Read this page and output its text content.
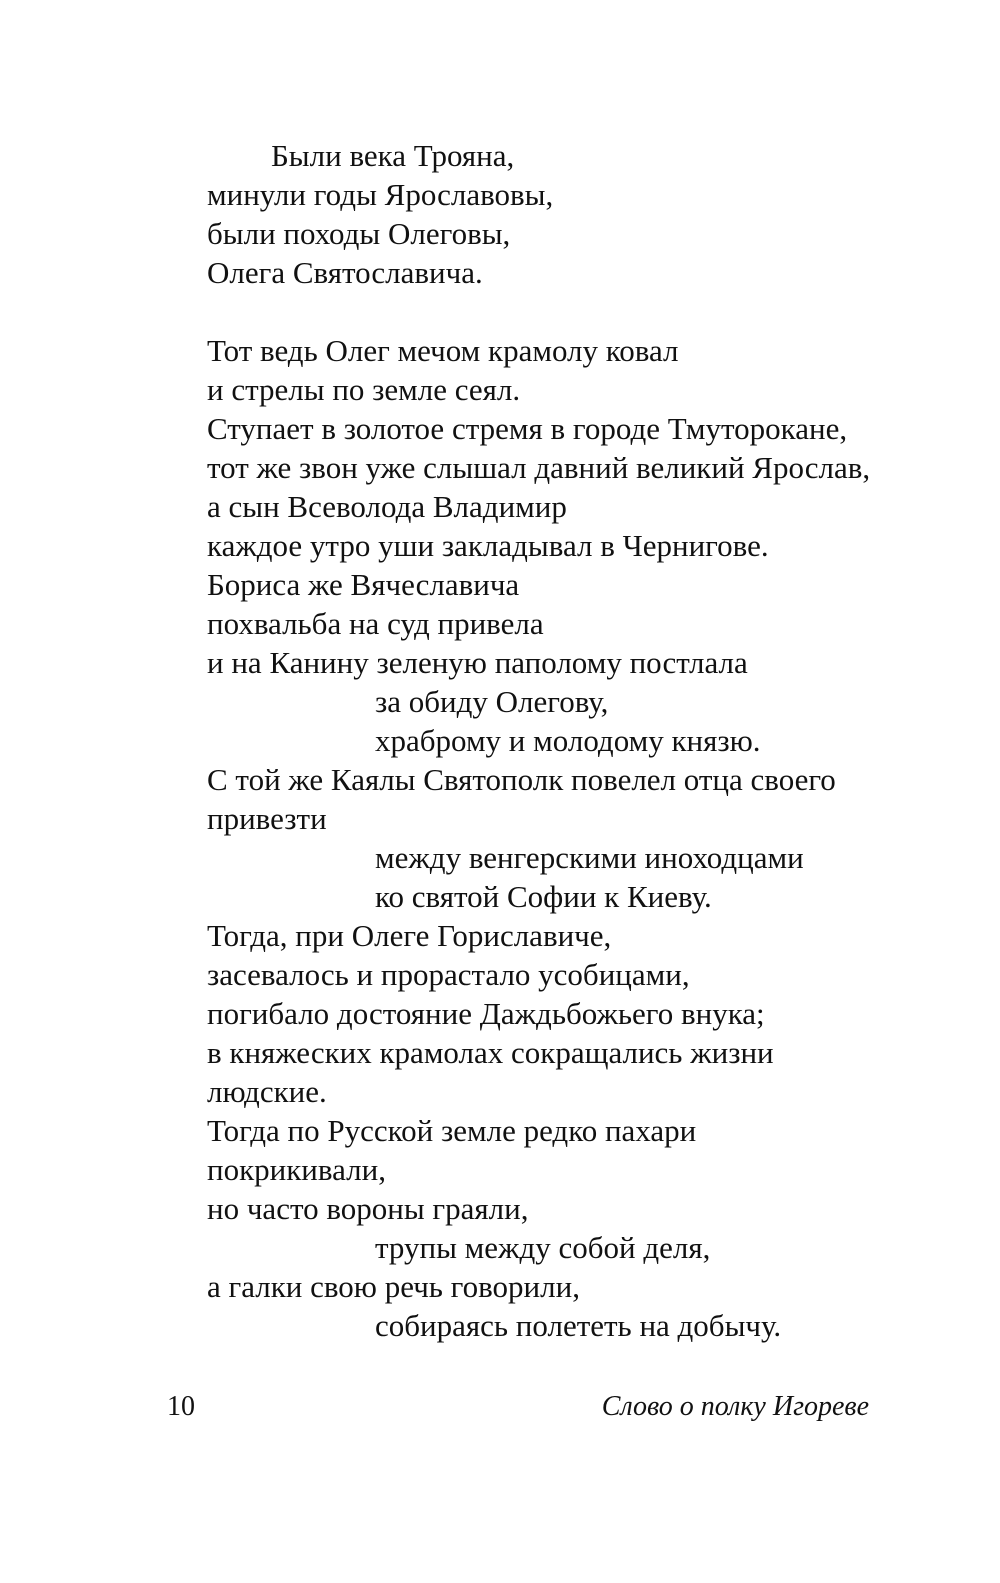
Были века Трояна,
минули годы Ярославовы,
были походы Олеговы,
Олега Святославича.
Тот ведь Олег мечом крамолу ковал
и стрелы по земле сеял.
Ступает в золотое стремя в городе Тмуторокане,
тот же звон уже слышал давний великий Ярослав,
а сын Всеволода Владимир
каждое утро уши закладывал в Чернигове.
Бориса же Вячеславича
похвальба на суд привела
и на Канину зеленую паполому постлала
за обиду Олегову,
храброму и молодому князю.
С той же Каялы Святополк повелел отца своего
привезти
между венгерскими иноходцами
ко святой Софии к Киеву.
Тогда, при Олеге Гориславиче,
засевалось и прорастало усобицами,
погибало достояние Даждьбожьего внука;
в княжеских крамолах сокращались жизни
людские.
Тогда по Русской земле редко пахари
покрикивали,
но часто вороны граяли,
трупы между собой деля,
а галки свою речь говорили,
собираясь полететь на добычу.
10	Слово о полку Игореве
